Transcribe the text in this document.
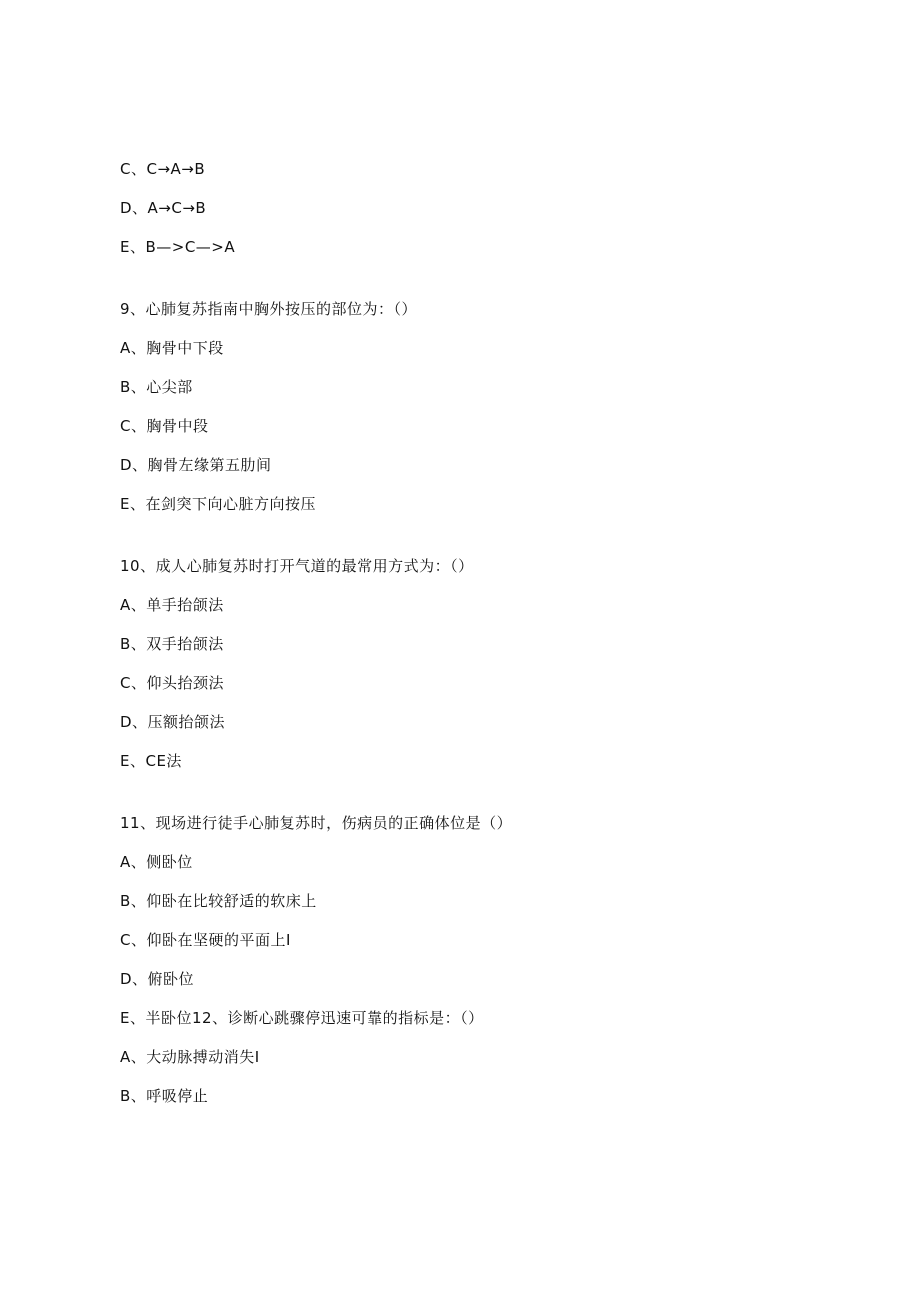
C、C→A→B
D、A→C→B
E、B—>C—>A
9、心肺复苏指南中胸外按压的部位为：（）
A、胸骨中下段
B、心尖部
C、胸骨中段
D、胸骨左缘第五肋间
E、在剑突下向心脏方向按压
10、成人心肺复苏时打开气道的最常用方式为：（）
A、单手抬颌法
B、双手抬颌法
C、仰头抬颈法
D、压额抬颌法
E、CE法
11、现场进行徒手心肺复苏时，伤病员的正确体位是（）
A、侧卧位
B、仰卧在比较舒适的软床上
C、仰卧在坚硬的平面上I
D、俯卧位
E、半卧位12、诊断心跳骤停迅速可靠的指标是：（）
A、大动脉搏动消失I
B、呼吸停止
